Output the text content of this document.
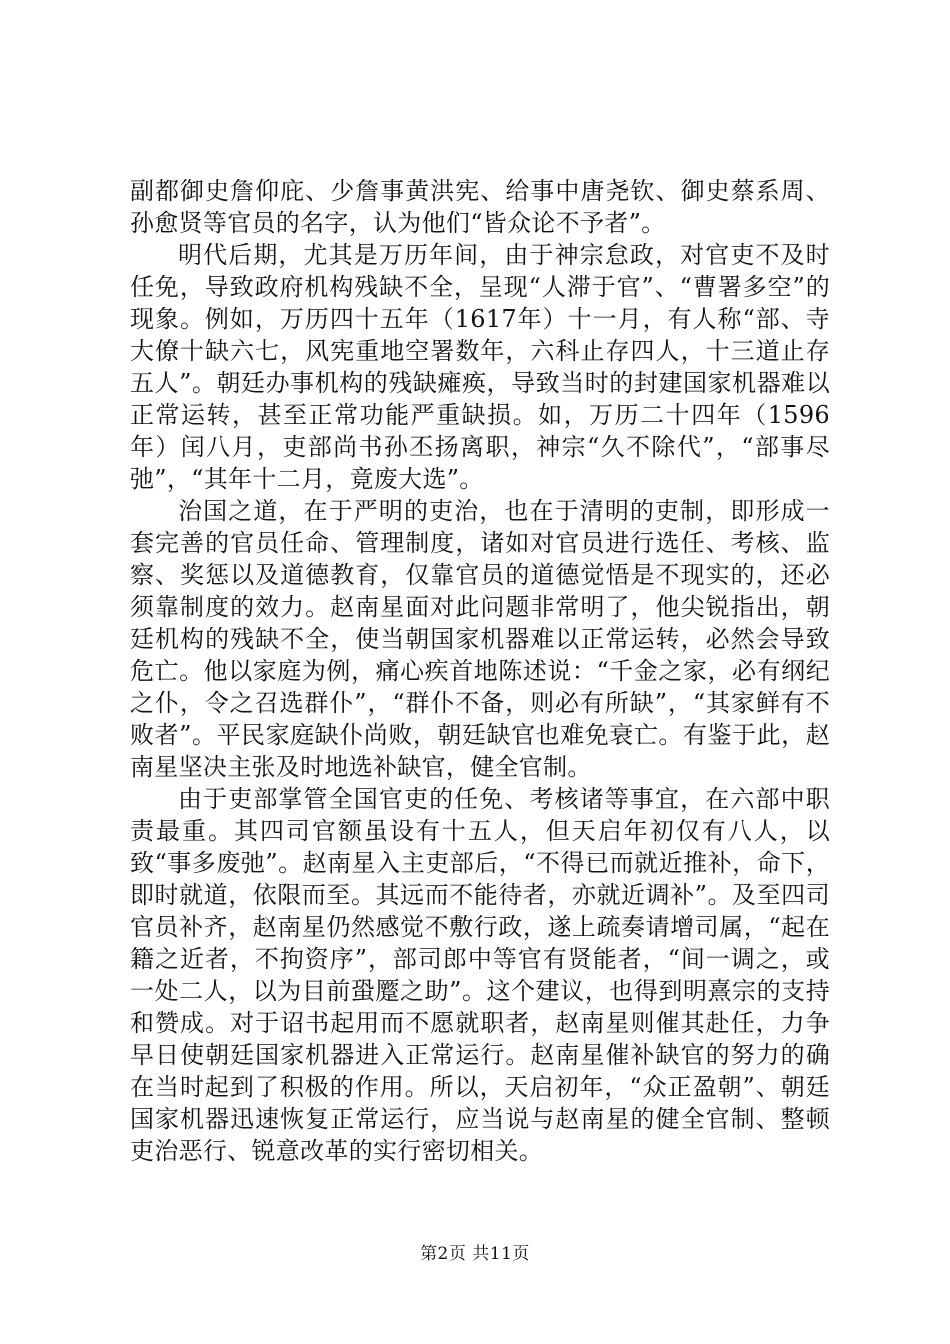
副都御史詹仰庇、少詹事黄洪宪、给事中唐尧钦、御史蔡系周、孙愈贤等官员的名字，认为他们“皆众论不予者”。

明代后期，尤其是万历年间，由于神宗怠政，对官吏不及时任免，导致政府机构残缺不全，呈现“人滞于官”、“曹署多空”的现象。例如，万历四十五年（1617年）十一月，有人称“部、寺大僚十缺六七，风宪重地空署数年，六科止存四人，十三道止存五人”。朝廷办事机构的残缺瘫痪，导致当时的封建国家机器难以正常运转，甚至正常功能严重缺损。如，万历二十四年（1596年）闰八月，吏部尚书孙丕扬离职，神宗“久不除代”，“部事尽弛”，“其年十二月，竟废大选”。

治国之道，在于严明的吏治，也在于清明的吏制，即形成一套完善的官员任命、管理制度，诸如对官员进行选任、考核、监察、奖惩以及道德教育，仅靠官员的道德觉悟是不现实的，还必须靠制度的效力。赵南星面对此问题非常明了，他尖锐指出，朝廷机构的残缺不全，使当朝国家机器难以正常运转，必然会导致危亡。他以家庭为例，痛心疾首地陈述说：“千金之家，必有纲纪之仆，令之召选群仆”，“群仆不备，则必有所缺”，“其家鲜有不败者”。平民家庭缺仆尚败，朝廷缺官也难免衰亡。有鉴于此，赵南星坚决主张及时地选补缺官，健全官制。

由于吏部掌管全国官吏的任免、考核诸等事宜，在六部中职责最重。其四司官额虽设有十五人，但天启年初仅有八人，以致“事多废弛”。赵南星入主吏部后，“不得已而就近推补，命下，即时就道，依限而至。其远而不能待者，亦就近调补”。及至四司官员补齐，赵南星仍然感觉不敷行政，遂上疏奏请增司属，“起在籍之近者，不拘资序”，部司郎中等官有贤能者，“间一调之，或一处二人，以为目前蛩蹷之助”。这个建议，也得到明熹宗的支持和赞成。对于诏书起用而不愿就职者，赵南星则催其赴任，力争早日使朝廷国家机器进入正常运行。赵南星催补缺官的努力的确在当时起到了积极的作用。所以，天启初年，“众正盈朝”、朝廷国家机器迅速恢复正常运行，应当说与赵南星的健全官制、整顿吏治恶行、锐意改革的实行密切相关。

第2页 共11页
